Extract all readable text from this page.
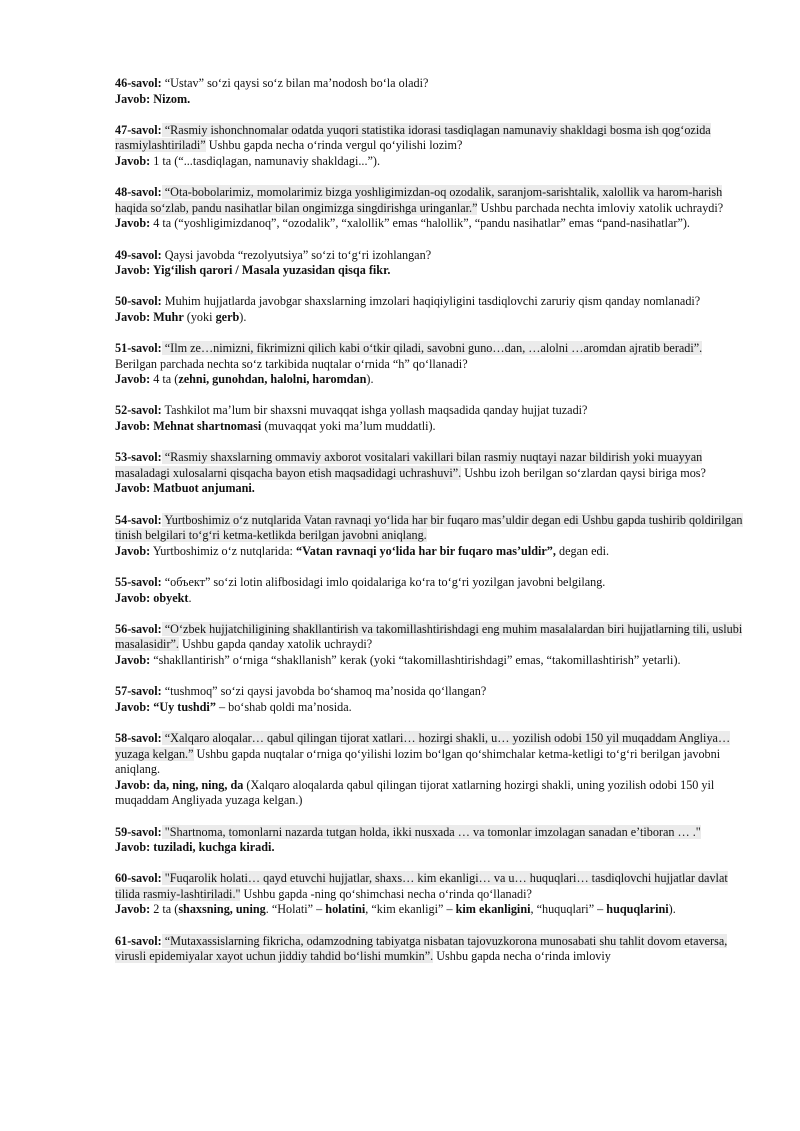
46-savol: “Ustav” so‘zi qaysi so‘z bilan ma’nodosh bo‘la oladi?

Javob: Nizom.

47-savol: “Rasmiy ishonchnomalar odatda yuqori statistika idorasi tasdiqlagan namunaviy shakldagi bosma ish qog‘ozida rasmiylashtiriladi” Ushbu gapda necha o‘rinda vergul qo‘yilishi lozim?

Javob: 1 ta (“...tasdiqlagan, namunaviy shakldagi...”).

48-savol: “Ota-bobolarimiz, momolarimiz bizga yoshligimizdan-oq ozodalik, saranjom-sarishtalik, xalollik va harom-harish haqida so‘zlab, pandu nasihatlar bilan ongimizga singdirishga uringanlar.” Ushbu parchada nechta imloviy xatolik uchraydi?

Javob: 4 ta (“yoshligimizdanoq”, “ozodalik”, “xalollik” emas “halollik”, “pandu nasihatlar” emas “pand-nasihatlar”).

49-savol: Qaysi javobda “rezolyutsiya” so‘zi to‘g‘ri izohlangan?

Javob: Yig‘ilish qarori / Masala yuzasidan qisqa fikr.

50-savol: Muhim hujjatlarda javobgar shaxslarning imzolari haqiqiyligini tasdiqlovchi zaruriy qism qanday nomlanadi?

Javob: Muhr (yoki gerb).

51-savol: “Ilm ze…nimizni, fikrimizni qilich kabi o‘tkir qiladi, savobni guno…dan, …alolni …aromdan ajratib beradi”. Berilgan parchada nechta so‘z tarkibida nuqtalar o‘rnida “h” qo‘llanadi?

Javob: 4 ta (zehni, gunohdan, halolni, haromdan).

52-savol: Tashkilot ma’lum bir shaxsni muvaqqat ishga yollash maqsadida qanday hujjat tuzadi?

Javob: Mehnat shartnomasi (muvaqqat yoki ma’lum muddatli).

53-savol: “Rasmiy shaxslarning ommaviy axborot vositalari vakillari bilan rasmiy nuqtayi nazar bildirish yoki muayyan masaladagi xulosalarni qisqacha bayon etish maqsadidagi uchrashuvi”. Ushbu izoh berilgan so‘zlardan qaysi biriga mos?

Javob: Matbuot anjumani.

54-savol: Yurtboshimiz o‘z nutqlarida Vatan ravnaqi yo‘lida har bir fuqaro mas’uldir degan edi Ushbu gapda tushirib qoldirilgan tinish belgilari to‘g‘ri ketma-ketlikda berilgan javobni aniqlang.

Javob: Yurtboshimiz o‘z nutqlarida: “Vatan ravnaqi yo‘lida har bir fuqaro mas’uldir”, degan edi.

55-savol: “объект” so‘zi lotin alifbosidagi imlo qoidalariga ko‘ra to‘g‘ri yozilgan javobni belgilang.

Javob: obyekt.

56-savol: “O‘zbek hujjatchiligining shakllantirish va takomillashtirishdagi eng muhim masalalardan biri hujjatlarning tili, uslubi masalasidir”. Ushbu gapda qanday xatolik uchraydi?

Javob: “shakllantirish” o‘rniga “shakllanish” kerak (yoki “takomillashtirishdagi” emas, “takomillashtirish” yetarli).

57-savol: “tushmoq” so‘zi qaysi javobda bo‘shamoq ma’nosida qo‘llangan?

Javob: “Uy tushdi” – bo‘shab qoldi ma’nosida.

58-savol: “Xalqaro aloqalar… qabul qilingan tijorat xatlari… hozirgi shakli, u… yozilish odobi 150 yil muqaddam Angliya… yuzaga kelgan.” Ushbu gapda nuqtalar o‘rniga qo‘yilishi lozim bo‘lgan qo‘shimchalar ketma-ketligi to‘g‘ri berilgan javobni aniqlang.

Javob: da, ning, ning, da (Xalqaro aloqalarda qabul qilingan tijorat xatlarning hozirgi shakli, uning yozilish odobi 150 yil muqaddam Angliyada yuzaga kelgan.)

59-savol: "Shartnoma, tomonlarni nazarda tutgan holda, ikki nusxada … va tomonlar imzolagan sanadan e’tiboran … ."

Javob: tuziladi, kuchga kiradi.

60-savol: "Fuqarolik holati… qayd etuvchi hujjatlar, shaxs… kim ekanligi… va u… huquqlari… tasdiqlovchi hujjatlar davlat tilida rasmiy-lashtiriladi." Ushbu gapda -ning qo‘shimchasi necha o‘rinda qo‘llanadi?

Javob: 2 ta (shaxsning, uning. “Holati” – holatini, “kim ekanligi” – kim ekanligini, “huquqlari” – huquqlarini).

61-savol: “Mutaxassislarning fikricha, odamzodning tabiyatga nisbatan tajovuzkorona munosabati shu tahlit dovom etaversa, virusli epidemiyalar xayot uchun jiddiy tahdid bo‘lishi mumkin”. Ushbu gapda necha o‘rinda imloviy
